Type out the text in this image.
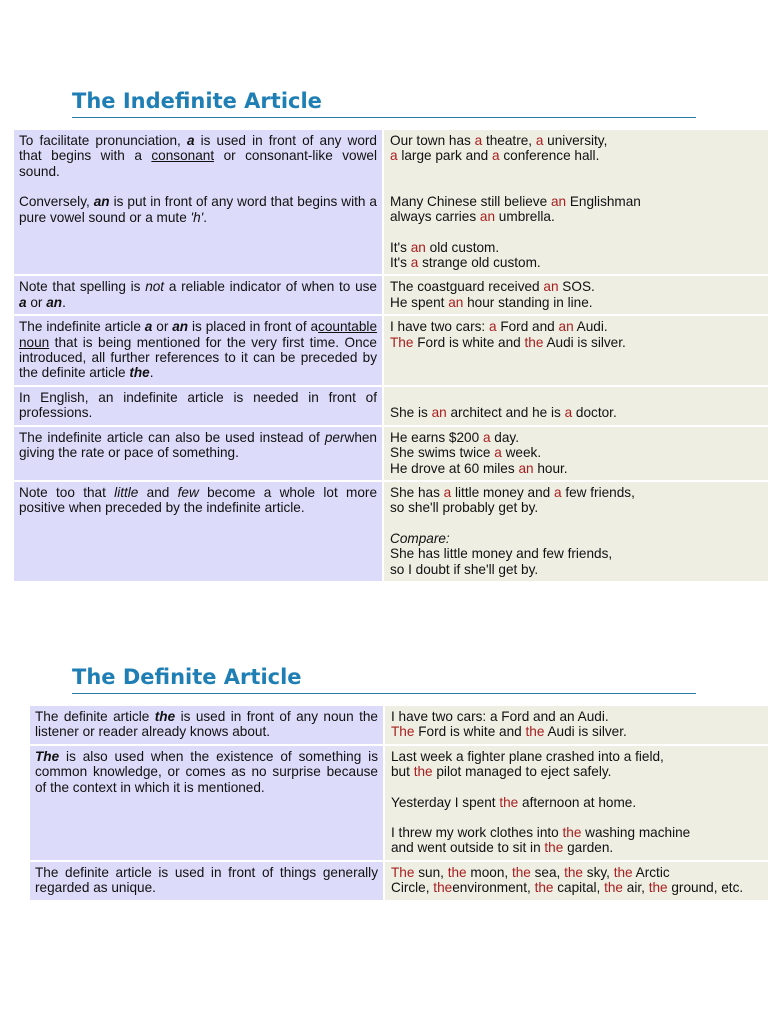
The Indefinite Article
To facilitate pronunciation, a is used in front of any word that begins with a consonant or consonant-like vowel sound.
Conversely, an is put in front of any word that begins with a pure vowel sound or a mute 'h'.
Our town has a theatre, a university,
a large park and a conference hall.
Many Chinese still believe an Englishman
always carries an umbrella.
It's an old custom.
It's a strange old custom.
Note that spelling is not a reliable indicator of when to use a or an.
The coastguard received an SOS.
He spent an hour standing in line.
The indefinite article a or an is placed in front of acountable noun that is being mentioned for the very first time. Once introduced, all further references to it can be preceded by the definite article the.
I have two cars: a Ford and an Audi.
The Ford is white and the Audi is silver.
In English, an indefinite article is needed in front of professions.	She is an architect and he is a doctor.
The indefinite article can also be used instead of perwhen giving the rate or pace of something.
He earns $200 a day.
She swims twice a week.
He drove at 60 miles an hour.
Note too that little and few become a whole lot more positive when preceded by the indefinite article.
She has a little money and a few friends,
so she'll probably get by.
Compare:
She has little money and few friends,
so I doubt if she'll get by.
The Definite Article
The definite article the is used in front of any noun the listener or reader already knows about.
I have two cars: a Ford and an Audi.
The Ford is white and the Audi is silver.
The is also used when the existence of something is common knowledge, or comes as no surprise because of the context in which it is mentioned.
Last week a fighter plane crashed into a field,
but the pilot managed to eject safely.
Yesterday I spent the afternoon at home.
I threw my work clothes into the washing machine
and went outside to sit in the garden.
The definite article is used in front of things generally regarded as unique.
The sun, the moon, the sea, the sky, the Arctic
Circle, theenvironment, the capital, the air, the ground, etc.
